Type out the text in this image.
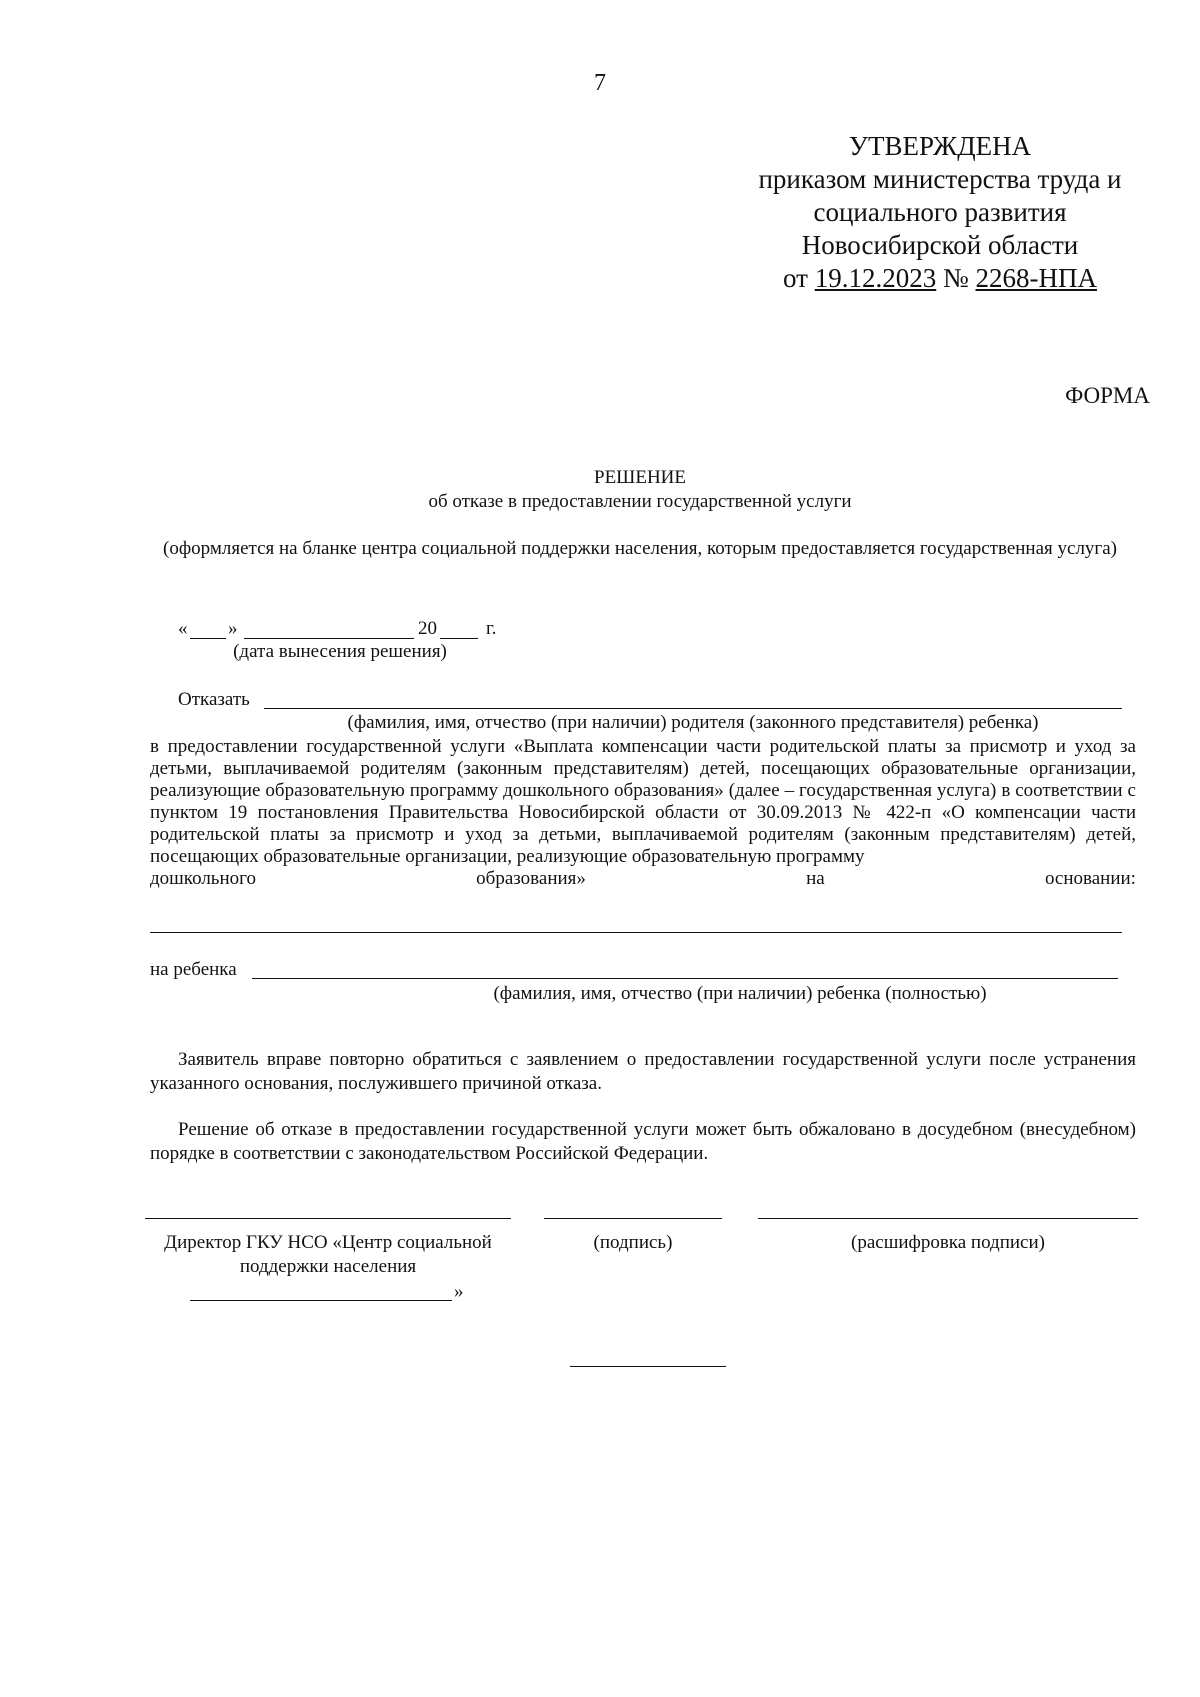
7
УТВЕРЖДЕНА
приказом министерства труда и
социального развития
Новосибирской области
от 19.12.2023 № 2268-НПА
ФОРМА
РЕШЕНИЕ
об отказе в предоставлении государственной услуги
(оформляется на бланке центра социальной поддержки населения, которым предоставляется государственная услуга)
« »	20	г.
(дата вынесения решения)
Отказать
(фамилия, имя, отчество (при наличии) родителя (законного представителя) ребенка)
в предоставлении государственной услуги «Выплата компенсации части родительской платы за присмотр и уход за детьми, выплачиваемой родителям (законным представителям) детей, посещающих образовательные организации, реализующие образовательную программу дошкольного образования» (далее – государственная услуга) в соответствии с пунктом 19 постановления Правительства Новосибирской области от 30.09.2013 № 422-п «О компенсации части родительской платы за присмотр и уход за детьми, выплачиваемой родителям (законным представителям) детей, посещающих образовательные организации, реализующие образовательную программу
дошкольного	образования»	на	основании:
на ребенка
(фамилия, имя, отчество (при наличии) ребенка (полностью)
Заявитель вправе повторно обратиться с заявлением о предоставлении государственной услуги после устранения указанного основания, послужившего причиной отказа.
Решение об отказе в предоставлении государственной услуги может быть обжаловано в досудебном (внесудебном) порядке в соответствии с законодательством Российской Федерации.
Директор ГКУ НСО «Центр социальной
поддержки населения
»
(подпись)	(расшифровка подписи)
